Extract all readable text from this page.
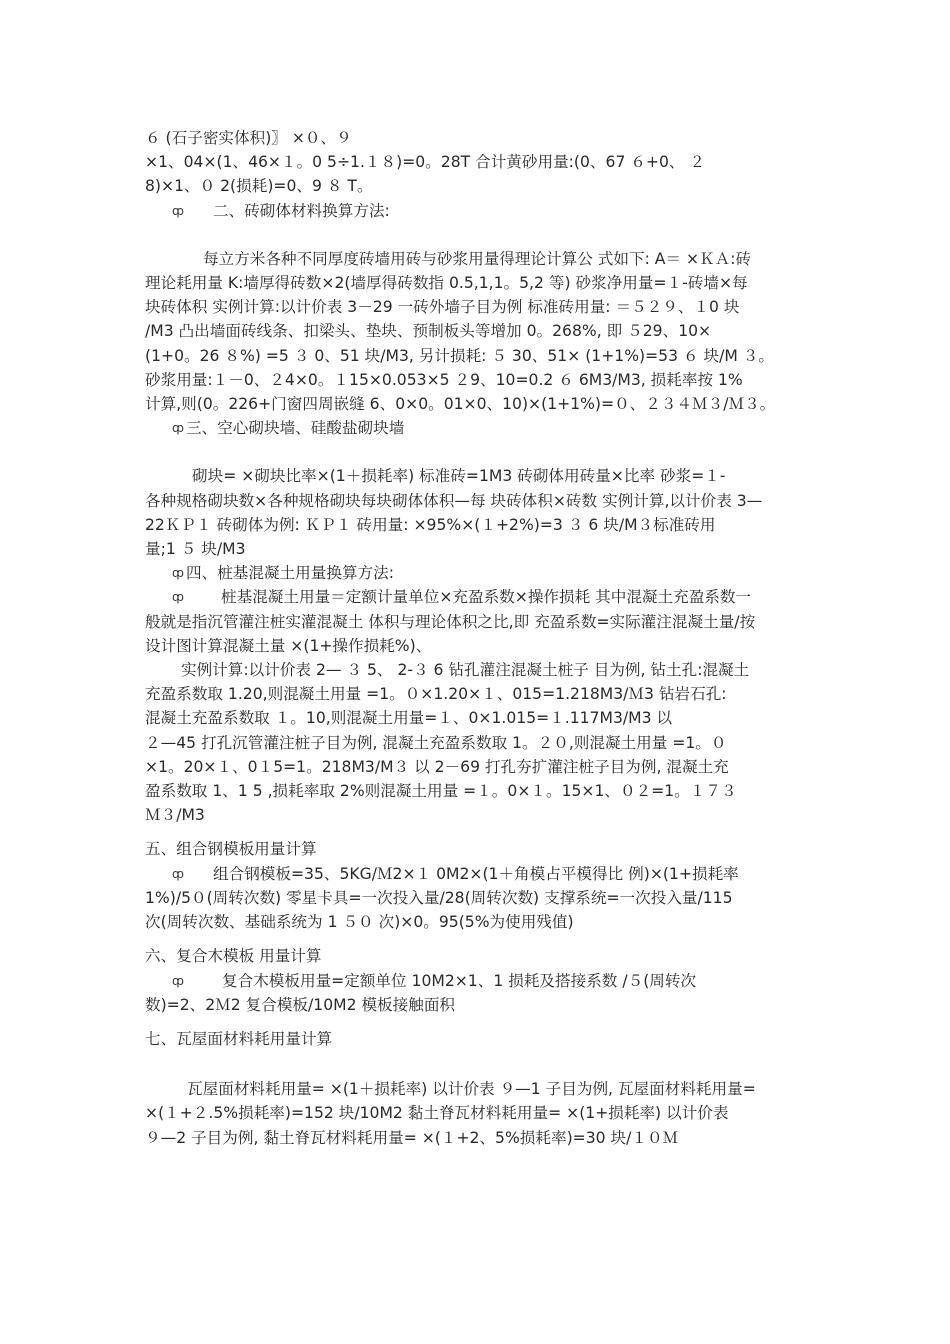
６ (石子密实体积)〗 ×０、９
×1、04×(1、46×１。0 5÷1.１８)=0。28T 合计黄砂用量:(0、67 ６+0、 ２
8)×1、０ 2(损耗)=0、9 ８ T。
ȹ 二、砖砌体材料换算方法:
每立方米各种不同厚度砖墙用砖与砂浆用量得理论计算公 式如下: A＝ ×ＫＡ:砖
理论耗用量 K:墙厚得砖数×2(墙厚得砖数指 0.5,1,1。5,2 等) 砂浆净用量=１-砖墙×每
块砖体积 实例计算:以计价表 3－29 一砖外墙子目为例 标准砖用量: ＝５２９、１0 块
/M3 凸出墙面砖线条、扣梁头、垫块、预制板头等增加 0。268%, 即 ５29、10×
(1+0。26 ８%) =5 ３ 0、51 块/M3, 另计损耗: ５ 30、51× (1+1%)=53 ６ 块/M ３。
砂浆用量:１－0、２4×0。１15×0.053×5 ２9、10=0.2 ６ 6M3/M3, 损耗率按 1%
计算,则(0。226+门窗四周嵌缝 6、0×0。01×0、10)×(1+1%)=０、２３４Ｍ３/Ｍ３。
ȹ 三、空心砌块墙、硅酸盐砌块墙
砌块= ×砌块比率×(1＋损耗率) 标准砖=1M3 砖砌体用砖量×比率 砂浆=１-
各种规格砌块数×各种规格砌块每块砌体体积—每 块砖体积×砖数 实例计算,以计价表 3—
22ＫＰ１ 砖砌体为例: ＫＰ１ 砖用量: ×95%×(１+2%)=3 ３ 6 块/M３标准砖用
量;1 ５ 块/M3
ȹ 四、桩基混凝土用量换算方法:
ȹ 桩基混凝土用量＝定额计量单位×充盈系数×操作损耗 其中混凝土充盈系数一
般就是指沉管灌注桩实灌混凝土 体积与理论体积之比,即 充盈系数=实际灌注混凝土量/按
设计图计算混凝土量 ×(1+操作损耗%)、
实例计算:以计价表 2— ３ 5、 2-３ 6 钻孔灌注混凝土桩子 目为例, 钻土孔:混凝土
充盈系数取 1.20,则混凝土用量 =1。０×1.20×１、015=1.218M3/Ｍ3 钻岩石孔:
混凝土充盈系数取 １。10,则混凝土用量=１、0×1.015=１.117M3/M3 以
２—45 打孔沉管灌注桩子目为例, 混凝土充盈系数取 1。２０,则混凝土用量 =1。０
×1。20×１、0１5=1。218M3/M３ 以 2－69 打孔夯扩灌注桩子目为例, 混凝土充
盈系数取 1、1 5 ,损耗率取 2%则混凝土用量 =１。0×１。15×1、０２=1。１７３
Ｍ３/M3
五、组合钢模板用量计算
ȹ 组合钢模板=35、5KG/Ｍ2×１ 0M2×(1＋角模占平模得比 例)×(1+损耗率
1%)/5０(周转次数) 零星卡具=一次投入量/28(周转次数) 支撑系统=一次投入量/115
次(周转次数、基础系统为 1 ５０ 次)×0。95(5%为使用残值)
六、复合木模板 用量计算
ȹ 复合木模板用量=定额单位 10M2×1、1 损耗及搭接系数 /５(周转次
数)=2、2Ｍ2 复合模板/10M2 模板接触面积
七、瓦屋面材料耗用量计算
瓦屋面材料耗用量= ×(1＋损耗率) 以计价表 ９—1 子目为例, 瓦屋面材料耗用量=
×(１+２.5%损耗率)=152 块/10M2 黏土脊瓦材料耗用量= ×(1+损耗率) 以计价表
９—2 子目为例, 黏土脊瓦材料耗用量= ×(１+2、5%损耗率)=30 块/１０Ｍ
